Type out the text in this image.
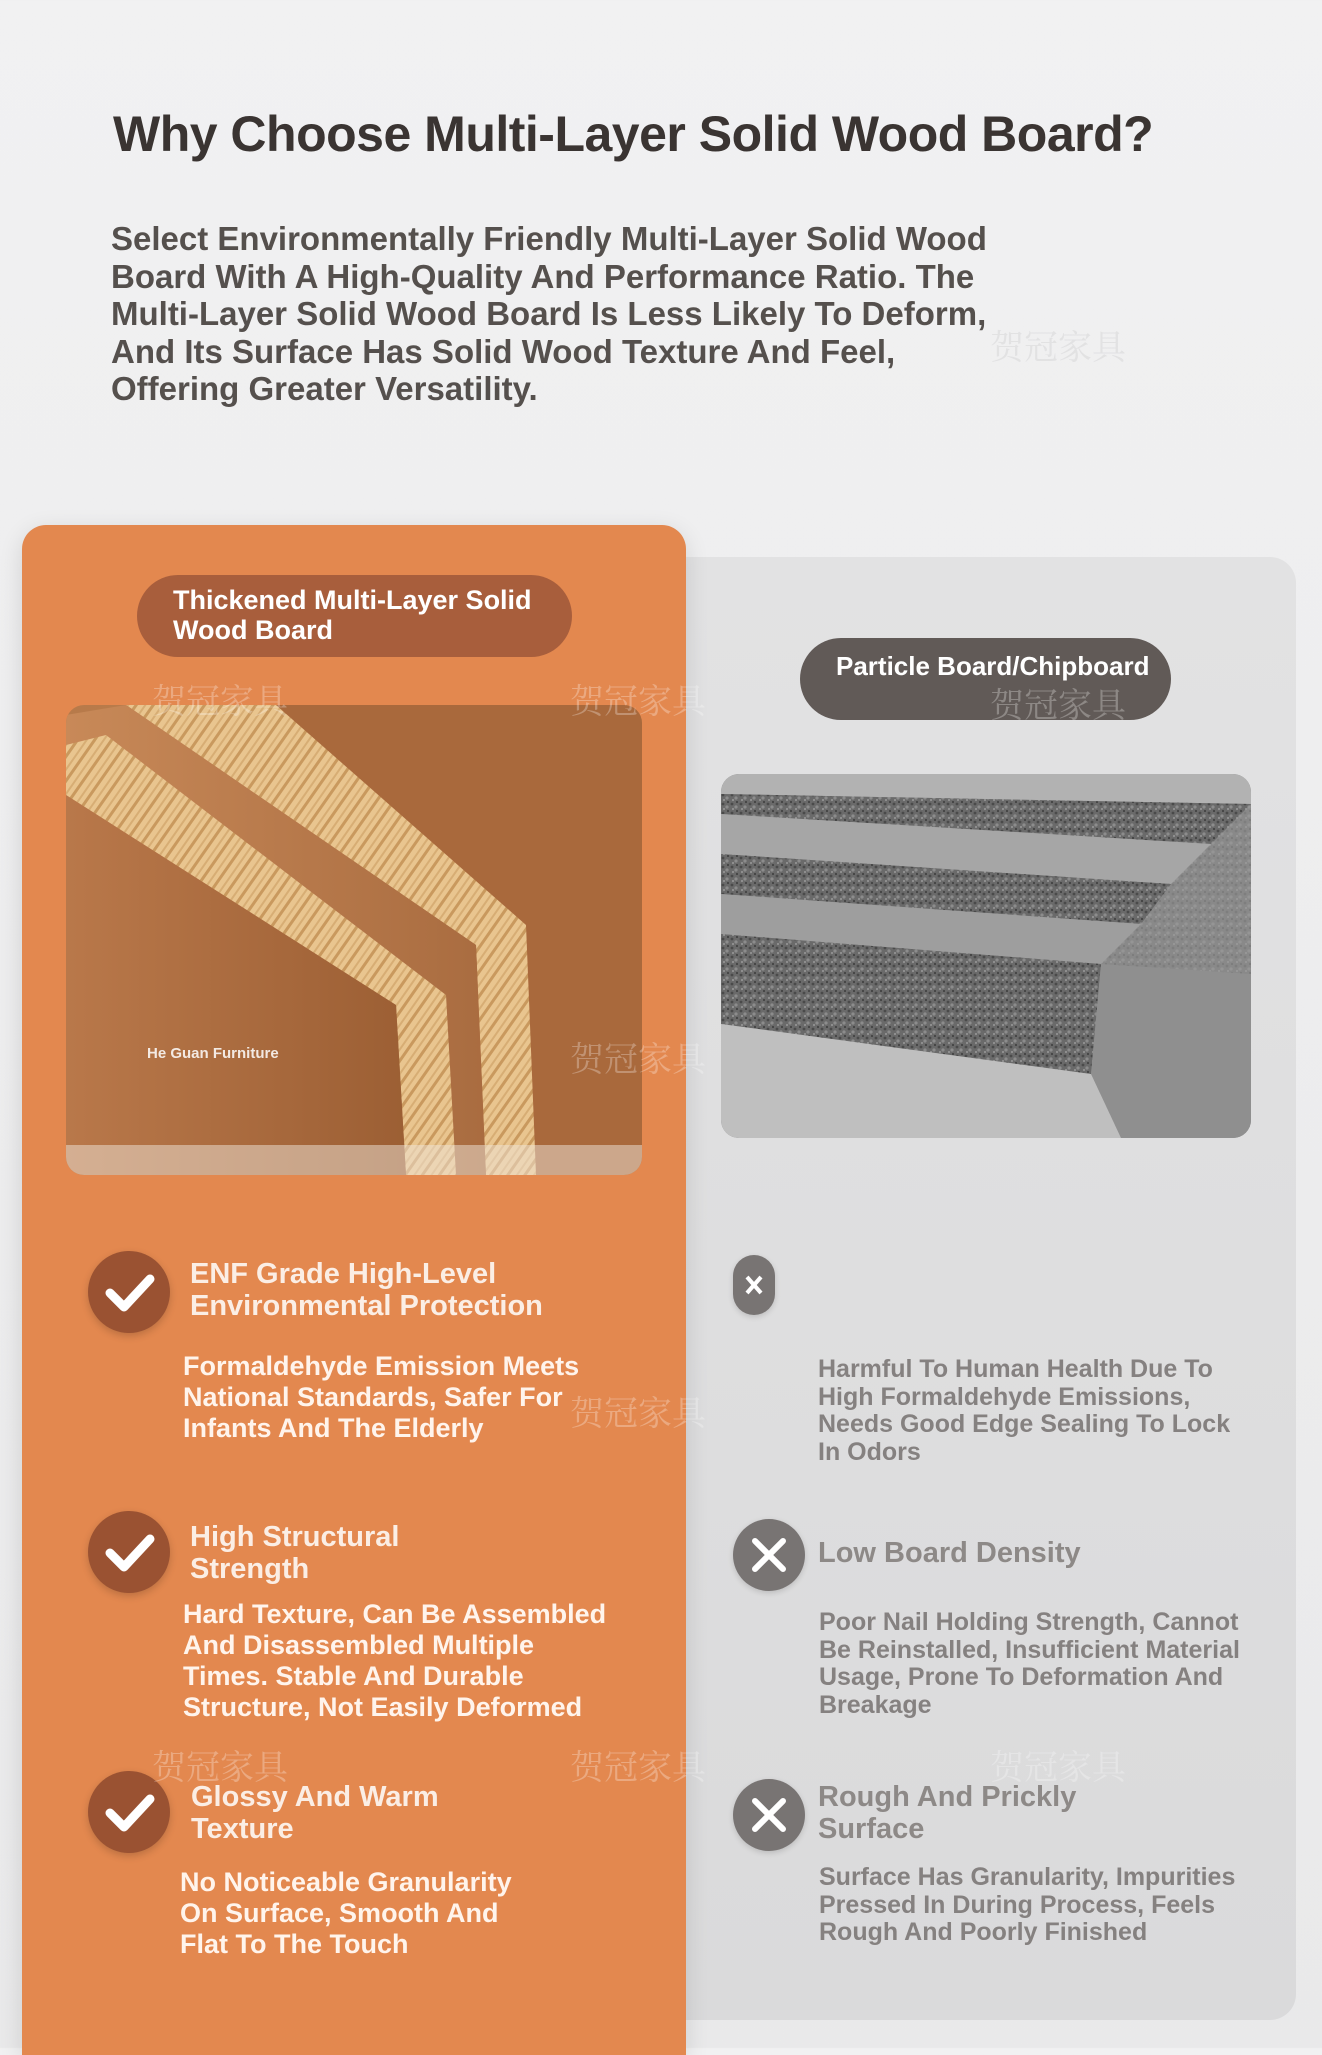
Why Choose Multi-Layer Solid Wood Board?

Select Environmentally Friendly Multi-Layer Solid Wood Board With A High-Quality And Performance Ratio. The Multi-Layer Solid Wood Board Is Less Likely To Deform, And Its Surface Has Solid Wood Texture And Feel, Offering Greater Versatility.

Thickened Multi-Layer Solid Wood Board
Particle Board/Chipboard
He Guan Furniture

ENF Grade High-Level Environmental Protection

Formaldehyde Emission Meets National Standards, Safer For Infants And The Elderly

High Structural Strength

Hard Texture, Can Be Assembled And Disassembled Multiple Times. Stable And Durable Structure, Not Easily Deformed

Glossy And Warm Texture

No Noticeable Granularity On Surface, Smooth And Flat To The Touch

Harmful To Human Health Due To High Formaldehyde Emissions, Needs Good Edge Sealing To Lock In Odors

Low Board Density

Poor Nail Holding Strength, Cannot Be Reinstalled, Insufficient Material Usage, Prone To Deformation And Breakage

Rough And Prickly Surface

Surface Has Granularity, Impurities Pressed In During Process, Feels Rough And Poorly Finished

贺冠家具
贺冠家具	贺冠家具	贺冠家具
贺冠家具
贺冠家具
贺冠家具	贺冠家具	贺冠家具
